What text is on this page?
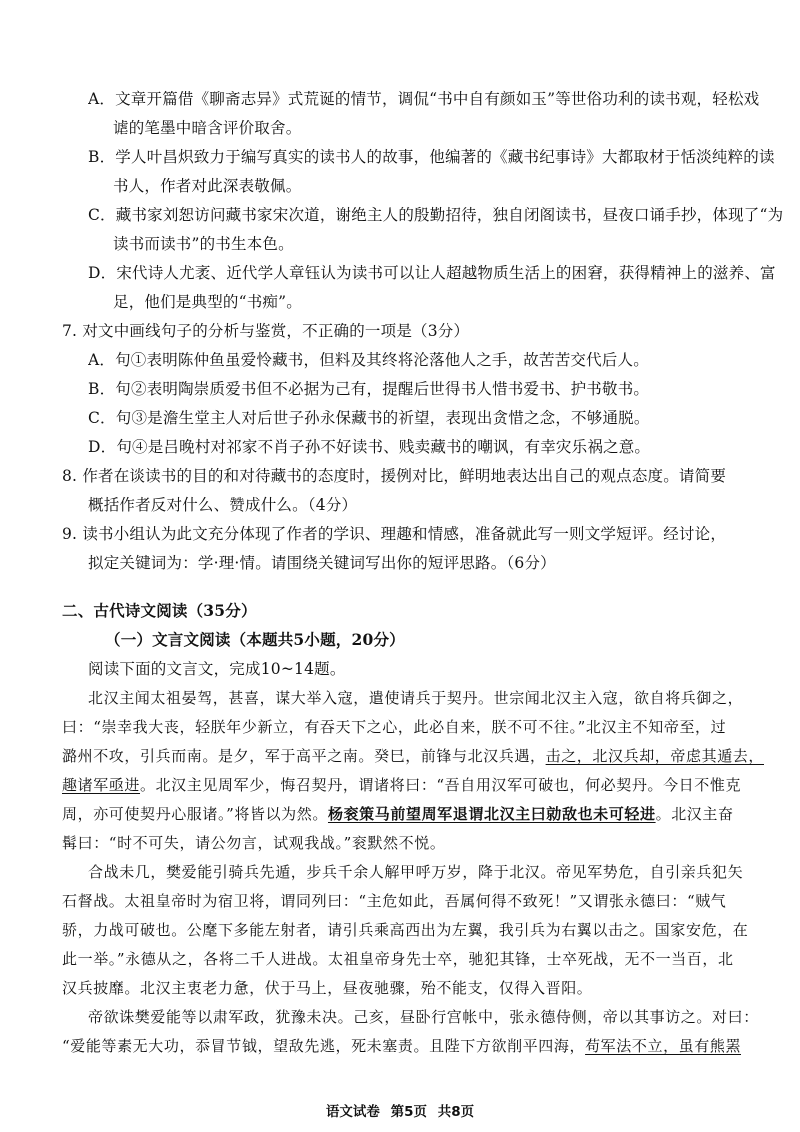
A．文章开篇借《聊斋志异》式荒诞的情节，调侃“书中自有颜如玉”等世俗功利的读书观，轻松戏
谑的笔墨中暗含评价取舍。
B．学人叶昌炽致力于编写真实的读书人的故事，他编著的《藏书纪事诗》大都取材于恬淡纯粹的读
书人，作者对此深表敬佩。
C．藏书家刘恕访问藏书家宋次道，谢绝主人的殷勤招待，独自闭阁读书，昼夜口诵手抄，体现了“为
读书而读书”的书生本色。
D．宋代诗人尤袤、近代学人章钰认为读书可以让人超越物质生活上的困窘，获得精神上的滋养、富
足，他们是典型的“书痴”。
7. 对文中画线句子的分析与鉴赏，不正确的一项是（3分）
A．句①表明陈仲鱼虽爱怜藏书，但料及其终将沦落他人之手，故苦苦交代后人。
B．句②表明陶崇质爱书但不必据为己有，提醒后世得书人惜书爱书、护书敬书。
C．句③是澹生堂主人对后世子孙永保藏书的祈望，表现出贪惜之念，不够通脱。
D．句④是吕晚村对祁家不肖子孙不好读书、贱卖藏书的嘲讽，有幸灾乐祸之意。
8. 作者在谈读书的目的和对待藏书的态度时，援例对比，鲜明地表达出自己的观点态度。请简要
概括作者反对什么、赞成什么。（4分）
9. 读书小组认为此文充分体现了作者的学识、理趣和情感，准备就此写一则文学短评。经讨论，
拟定关键词为：学·理·情。请围绕关键词写出你的短评思路。（6分）
二、古代诗文阅读（35分）
（一）文言文阅读（本题共5小题，20分）
阅读下面的文言文，完成10~14题。
北汉主闻太祖晏驾，甚喜，谋大举入寇，遣使请兵于契丹。世宗闻北汉主入寇，欲自将兵御之，
曰：“崇幸我大丧，轻朕年少新立，有吞天下之心，此必自来，朕不可不往。”北汉主不知帝至，过
潞州不攻，引兵而南。是夕，军于高平之南。癸巳，前锋与北汉兵遇，击之，北汉兵却，帝虑其遁去，
趣诸军亟进。北汉主见周军少，悔召契丹，谓诸将曰：“吾自用汉军可破也，何必契丹。今日不惟克
周，亦可使契丹心服诸。”将皆以为然。杨衮策马前望周军退谓北汉主曰勍敌也未可轻进。北汉主奋
髯曰：“时不可失，请公勿言，试观我战。”衮默然不悦。
合战未几，樊爱能引骑兵先遁，步兵千余人解甲呼万岁，降于北汉。帝见军势危，自引亲兵犯矢
石督战。太祖皇帝时为宿卫将，谓同列曰：“主危如此，吾属何得不致死！”又谓张永德曰：“贼气
骄，力战可破也。公麾下多能左射者，请引兵乘高西出为左翼，我引兵为右翼以击之。国家安危，在
此一举。”永德从之，各将二千人进战。太祖皇帝身先士卒，驰犯其锋，士卒死战，无不一当百，北
汉兵披靡。北汉主衷老力惫，伏于马上，昼夜驰骤，殆不能支，仅得入晋阳。
帝欲诛樊爱能等以肃军政，犹豫未决。己亥，昼卧行宫帐中，张永德侍侧，帝以其事访之。对曰：
“爱能等素无大功，忝冒节钺，望敌先逃，死未塞责。且陛下方欲削平四海，苟军法不立，虽有熊罴
语文试卷 第5页 共8页
